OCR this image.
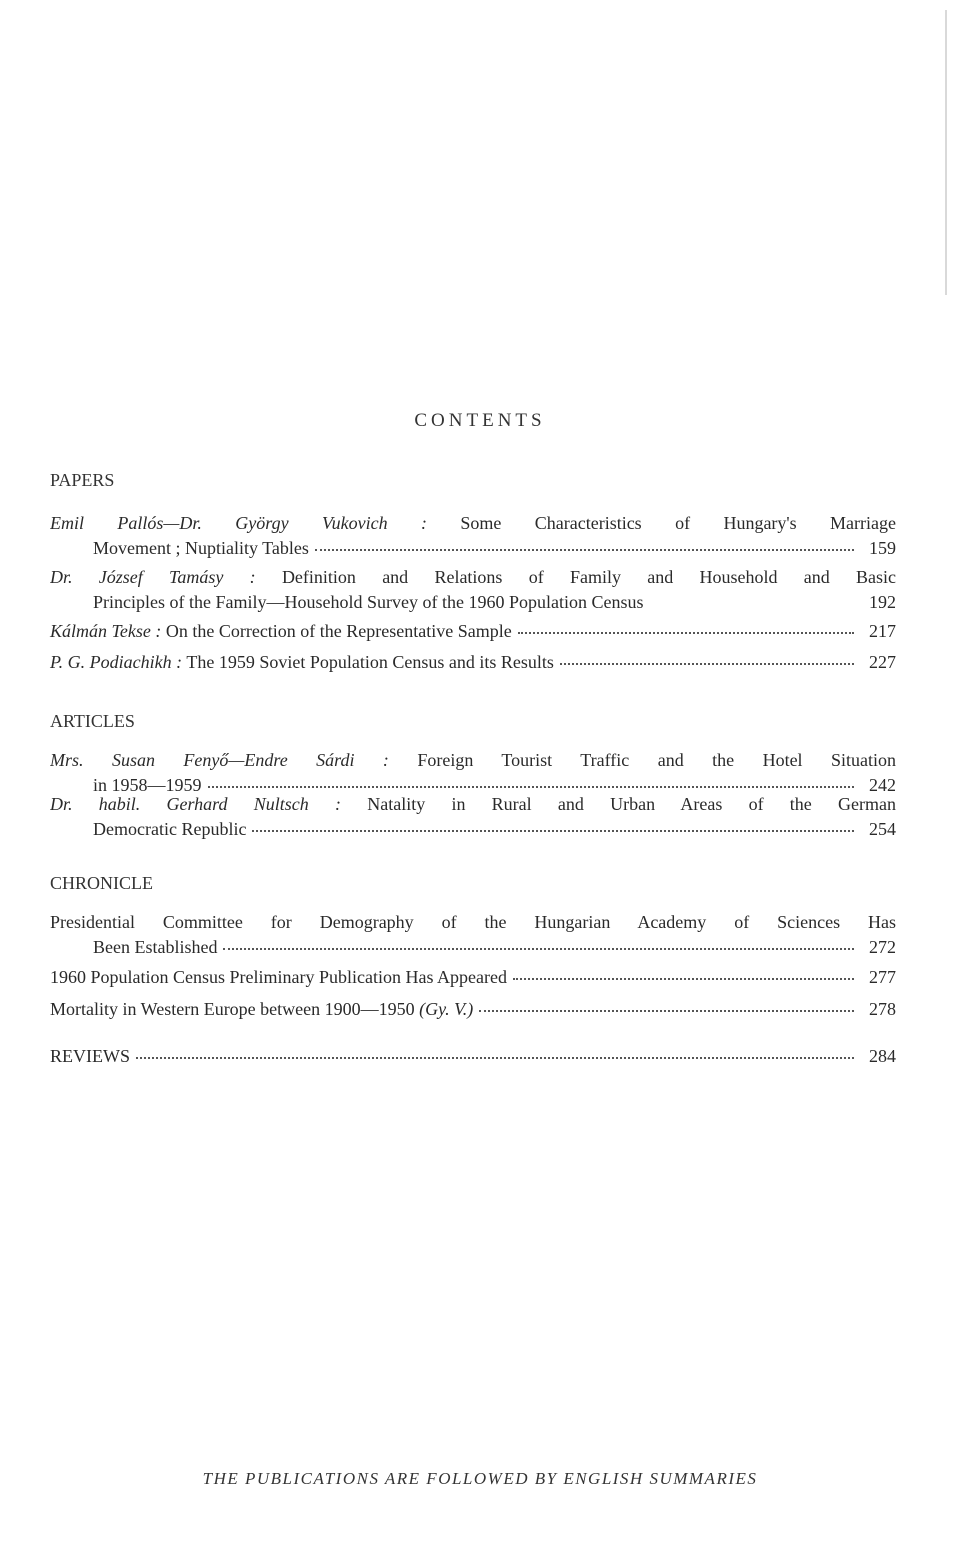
CONTENTS
PAPERS
Emil Pallós—Dr. György Vukovich : Some Characteristics of Hungary's Marriage
Movement ; Nuptiality Tables	159
Dr. József Tamásy : Definition and Relations of Family and Household and Basic
Principles of the Family—Household Survey of the 1960 Population Census	192
Kálmán Tekse : On the Correction of the Representative Sample	217
P. G. Podiachikh : The 1959 Soviet Population Census and its Results	227
ARTICLES
Mrs. Susan Fenyő—Endre Sárdi : Foreign Tourist Traffic and the Hotel Situation
in 1958—1959	242
Dr. habil. Gerhard Nultsch : Natality in Rural and Urban Areas of the German
Democratic Republic	254
CHRONICLE
Presidential Committee for Demography of the Hungarian Academy of Sciences Has
Been Established	272
1960 Population Census Preliminary Publication Has Appeared	277
Mortality in Western Europe between 1900—1950 (Gy. V.)	278
REVIEWS	284
THE PUBLICATIONS ARE FOLLOWED BY ENGLISH SUMMARIES
